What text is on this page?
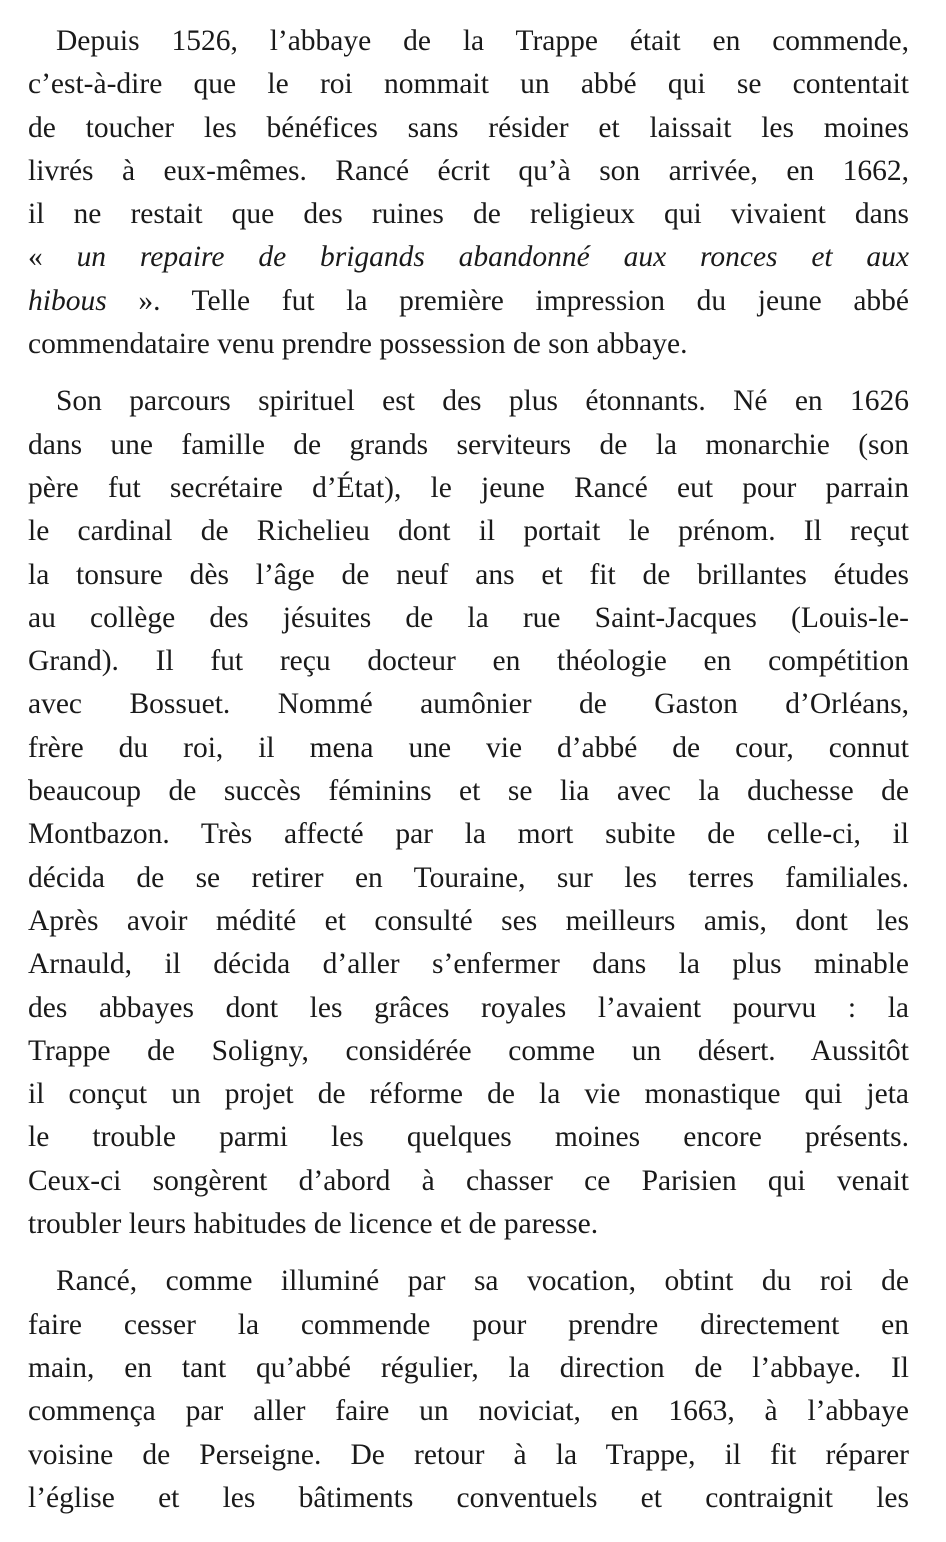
Depuis 1526, l’abbaye de la Trappe était en commende,
c’est-à-dire que le roi nommait un abbé qui se contentait
de toucher les bénéfices sans résider et laissait les moines
livrés à eux-mêmes. Rancé écrit qu’à son arrivée, en 1662,
il ne restait que des ruines de religieux qui vivaient dans
« un repaire de brigands abandonné aux ronces et aux
hibous ». Telle fut la première impression du jeune abbé
commendataire venu prendre possession de son abbaye.
Son parcours spirituel est des plus étonnants. Né en 1626
dans une famille de grands serviteurs de la monarchie (son
père fut secrétaire d’État), le jeune Rancé eut pour parrain
le cardinal de Richelieu dont il portait le prénom. Il reçut
la tonsure dès l’âge de neuf ans et fit de brillantes études
au collège des jésuites de la rue Saint-Jacques (Louis-le-
Grand). Il fut reçu docteur en théologie en compétition
avec Bossuet. Nommé aumônier de Gaston d’Orléans,
frère du roi, il mena une vie d’abbé de cour, connut
beaucoup de succès féminins et se lia avec la duchesse de
Montbazon. Très affecté par la mort subite de celle-ci, il
décida de se retirer en Touraine, sur les terres familiales.
Après avoir médité et consulté ses meilleurs amis, dont les
Arnauld, il décida d’aller s’enfermer dans la plus minable
des abbayes dont les grâces royales l’avaient pourvu : la
Trappe de Soligny, considérée comme un désert. Aussitôt
il conçut un projet de réforme de la vie monastique qui jeta
le trouble parmi les quelques moines encore présents.
Ceux-ci songèrent d’abord à chasser ce Parisien qui venait
troubler leurs habitudes de licence et de paresse.
Rancé, comme illuminé par sa vocation, obtint du roi de
faire cesser la commende pour prendre directement en
main, en tant qu’abbé régulier, la direction de l’abbaye. Il
commença par aller faire un noviciat, en 1663, à l’abbaye
voisine de Perseigne. De retour à la Trappe, il fit réparer
l’église et les bâtiments conventuels et contraignit les
